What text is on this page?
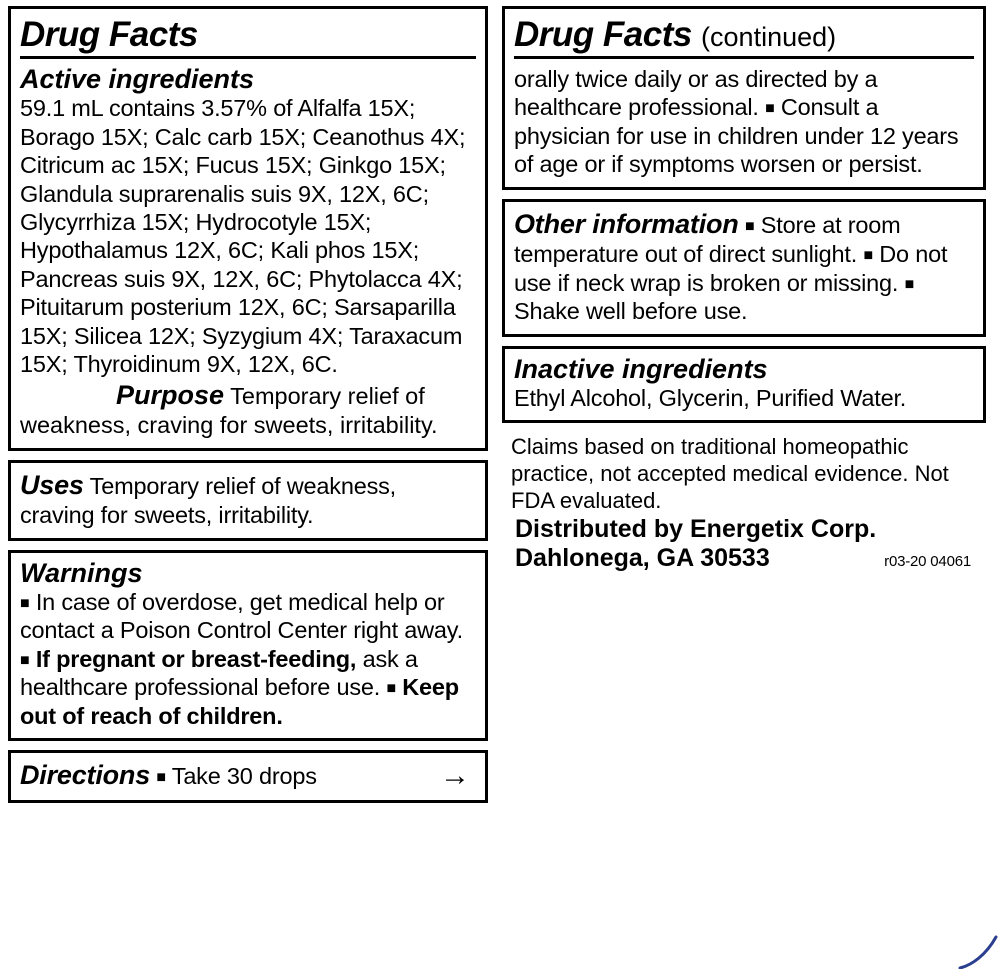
Drug Facts
Active ingredients
59.1 mL contains 3.57% of Alfalfa 15X; Borago 15X; Calc carb 15X; Ceanothus 4X; Citricum ac 15X; Fucus 15X; Ginkgo 15X; Glandula suprarenalis suis 9X, 12X, 6C; Glycyrrhiza 15X; Hydrocotyle 15X; Hypothalamus 12X, 6C; Kali phos 15X; Pancreas suis 9X, 12X, 6C; Phytolacca 4X; Pituitarum posterium 12X, 6C; Sarsaparilla 15X; Silicea 12X; Syzygium 4X; Taraxacum 15X; Thyroidinum 9X, 12X, 6C.
Purpose Temporary relief of weakness, craving for sweets, irritability.
Uses Temporary relief of weakness, craving for sweets, irritability.
Warnings
■ In case of overdose, get medical help or contact a Poison Control Center right away. ■ If pregnant or breast-feeding, ask a healthcare professional before use. ■ Keep out of reach of children.
Directions ■ Take 30 drops	→
Drug Facts (continued)
orally twice daily or as directed by a healthcare professional. ■ Consult a physician for use in children under 12 years of age or if symptoms worsen or persist.
Other information ■ Store at room temperature out of direct sunlight. ■ Do not use if neck wrap is broken or missing. ■ Shake well before use.
Inactive ingredients
Ethyl Alcohol, Glycerin, Purified Water.
Claims based on traditional homeopathic practice, not accepted medical evidence. Not FDA evaluated.
Distributed by Energetix Corp.
Dahlonega, GA 30533	r03-20 04061
